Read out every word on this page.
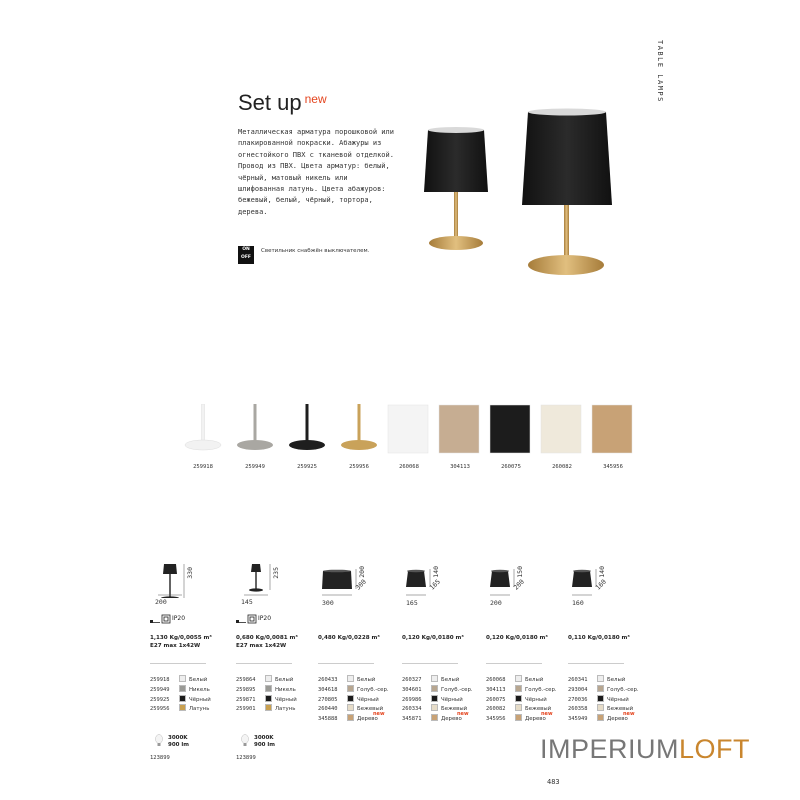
TABLE LAMPS
Set up $^{new}$
Металлическая арматура порошковой или плакированной покраски. Абажуры из огнестойкого ПВХ с тканевой отделкой. Провод из ПВХ. Цвета арматур: белый, чёрный, матовый никель или шлифованная латунь. Цвета абажуров: бежевый, белый, чёрный, тортора, дерева.
ON
OFF
Светильник снабжён выключателем.
259918	259949	259925	259956	260068	304113	260075	260082	345956
330
200
IP20
1,130 Kg/0,0055 m³
E27 max 1x42W
259918	Белый
259949	Никель
259925	Чёрный
259956	Латунь
3000K
900 lm
123899
235
145
IP20
0,680 Kg/0,0081 m³
E27 max 1x42W
259864	Белый
259895	Никель
259871	Чёрный
259901	Латунь
3000K
900 lm
123899
200
300
300
0,480 Kg/0,0228 m³
260433	Белый
304618	Голуб.-сер.
270805	Чёрный
260440	Бежевый
345888	Дерево
new
140
165
165
0,120 Kg/0,0180 m³
260327	Белый
304601	Голуб.-сер.
269986	Чёрный
260334	Бежевый
345871	Дерево
new
150
200
200
0,120 Kg/0,0180 m³
260068	Белый
304113	Голуб.-сер.
260075	Чёрный
260082	Бежевый
345956	Дерево
new
140
160
160
0,110 Kg/0,0180 m³
260341	Белый
293004	Голуб.-сер.
270036	Чёрный
260358	Бежевый
345949	Дерево
new
IMPERIUMLOFT
483
